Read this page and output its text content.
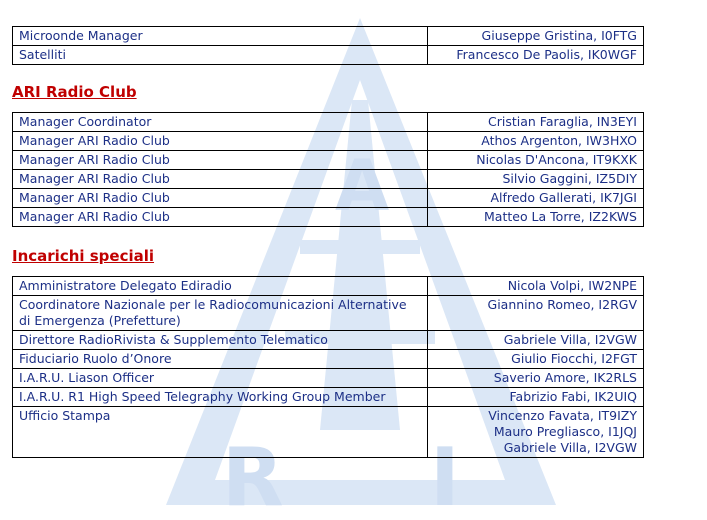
A
R I
Microonde Manager	Giuseppe Gristina, I0FTG

Satelliti	Francesco De Paolis, IK0WGF

ARI Radio Club

Manager Coordinator	Cristian Faraglia, IN3EYI

Manager ARI Radio Club	Athos Argenton, IW3HXO

Manager ARI Radio Club	Nicolas D'Ancona, IT9KXK

Manager ARI Radio Club	Silvio Gaggini, IZ5DIY

Manager ARI Radio Club	Alfredo Gallerati, IK7JGI

Manager ARI Radio Club	Matteo La Torre, IZ2KWS

Incarichi speciali

Amministratore Delegato Ediradio	Nicola Volpi, IW2NPE

Coordinatore Nazionale per le Radiocomunicazioni Alternative di Emergenza (Prefetture)	Giannino Romeo, I2RGV

Direttore RadioRivista & Supplemento Telematico	Gabriele Villa, I2VGW

Fiduciario Ruolo d’Onore	Giulio Fiocchi, I2FGT

I.A.R.U. Liason Officer	Saverio Amore, IK2RLS

I.A.R.U. R1 High Speed Telegraphy Working Group Member	Fabrizio Fabi, IK2UIQ

Ufficio Stampa	Vincenzo Favata, IT9IZY
Mauro Pregliasco, I1JQJ
Gabriele Villa, I2VGW
